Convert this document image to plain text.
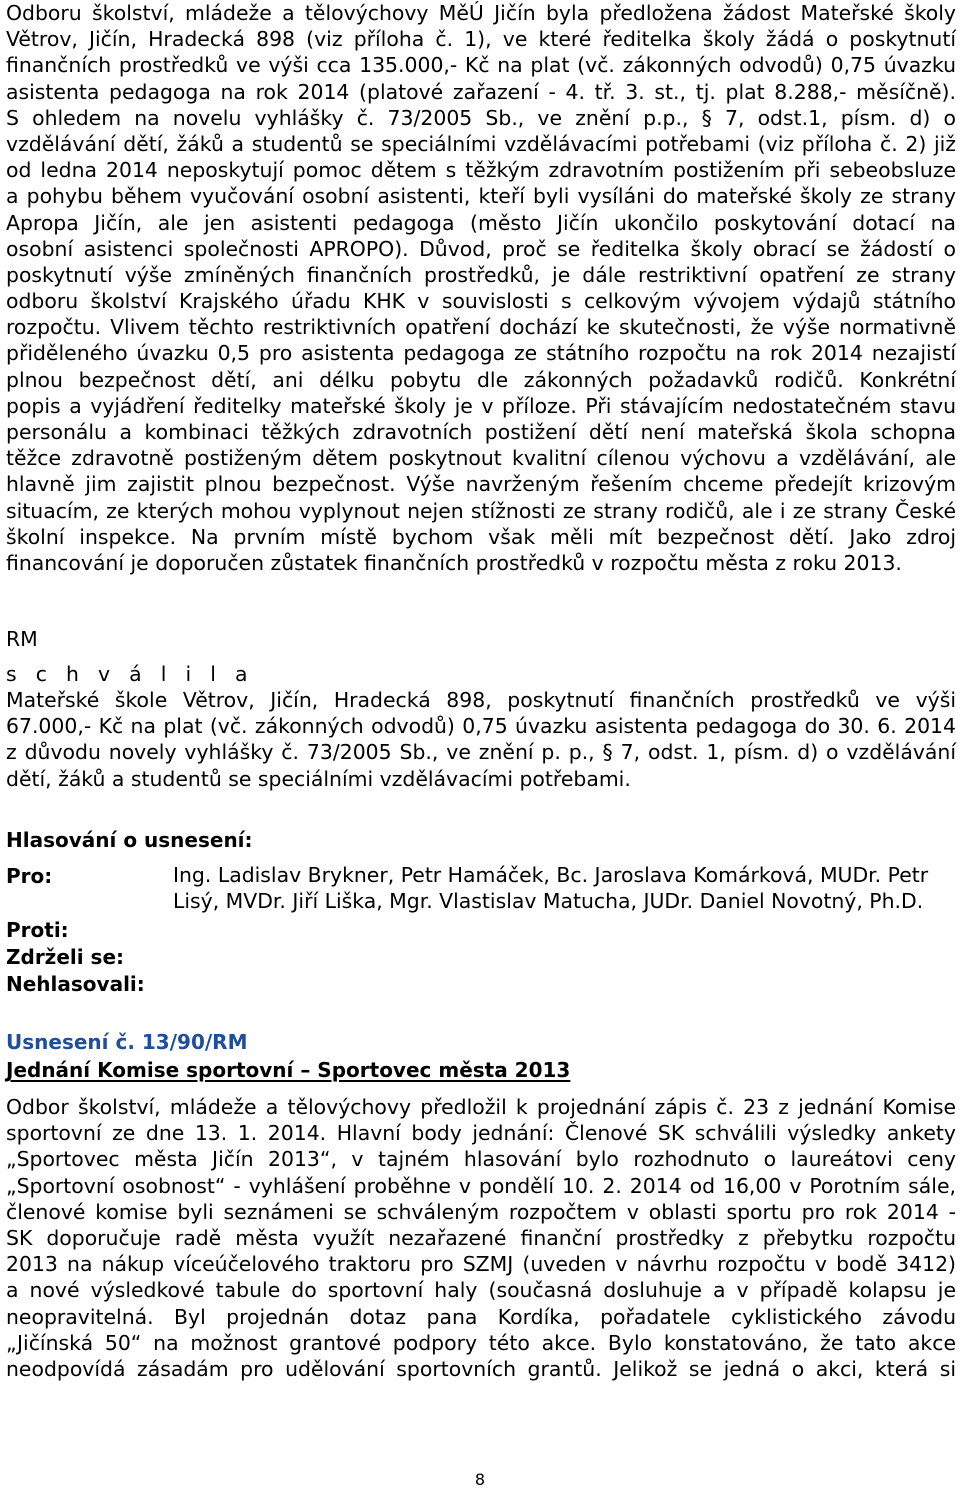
Odboru školství, mládeže a tělovýchovy MěÚ Jičín byla předložena žádost Mateřské školy
Větrov, Jičín, Hradecká 898 (viz příloha č. 1), ve které ředitelka školy žádá o poskytnutí
finančních prostředků ve výši cca 135.000,- Kč na plat (vč. zákonných odvodů) 0,75 úvazku
asistenta pedagoga na rok 2014 (platové zařazení - 4. tř. 3. st., tj. plat 8.288,- měsíčně).
S ohledem na novelu vyhlášky č. 73/2005 Sb., ve znění p.p., § 7, odst.1, písm. d) o
vzdělávání dětí, žáků a studentů se speciálními vzdělávacími potřebami (viz příloha č. 2) již
od ledna 2014 neposkytují pomoc dětem s těžkým zdravotním postižením při sebeobsluze
a pohybu během vyučování osobní asistenti, kteří byli vysíláni do mateřské školy ze strany
Apropa Jičín, ale jen asistenti pedagoga (město Jičín ukončilo poskytování dotací na
osobní asistenci společnosti APROPO). Důvod, proč se ředitelka školy obrací se žádostí o
poskytnutí výše zmíněných finančních prostředků, je dále restriktivní opatření ze strany
odboru školství Krajského úřadu KHK v souvislosti s celkovým vývojem výdajů státního
rozpočtu. Vlivem těchto restriktivních opatření dochází ke skutečnosti, že výše normativně
přiděleného úvazku 0,5 pro asistenta pedagoga ze státního rozpočtu na rok 2014 nezajistí
plnou bezpečnost dětí, ani délku pobytu dle zákonných požadavků rodičů. Konkrétní
popis a vyjádření ředitelky mateřské školy je v příloze. Při stávajícím nedostatečném stavu
personálu a kombinaci těžkých zdravotních postižení dětí není mateřská škola schopna
těžce zdravotně postiženým dětem poskytnout kvalitní cílenou výchovu a vzdělávání, ale
hlavně jim zajistit plnou bezpečnost. Výše navrženým řešením chceme předejít krizovým
situacím, ze kterých mohou vyplynout nejen stížnosti ze strany rodičů, ale i ze strany České
školní inspekce. Na prvním místě bychom však měli mít bezpečnost dětí. Jako zdroj
financování je doporučen zůstatek finančních prostředků v rozpočtu města z roku 2013.
RM
s c h v á l i l a
Mateřské škole Větrov, Jičín, Hradecká 898, poskytnutí finančních prostředků ve výši
67.000,- Kč na plat (vč. zákonných odvodů) 0,75 úvazku asistenta pedagoga do 30. 6. 2014
z důvodu novely vyhlášky č. 73/2005 Sb., ve znění p. p., § 7, odst. 1, písm. d) o vzdělávání
dětí, žáků a studentů se speciálními vzdělávacími potřebami.
Hlasování o usnesení:
Pro:	Ing. Ladislav Brykner, Petr Hamáček, Bc. Jaroslava Komárková, MUDr. Petr
Lisý, MVDr. Jiří Liška, Mgr. Vlastislav Matucha, JUDr. Daniel Novotný, Ph.D.
Proti:
Zdrželi se:
Nehlasovali:
Usnesení č. 13/90/RM
Jednání Komise sportovní – Sportovec města 2013
Odbor školství, mládeže a tělovýchovy předložil k projednání zápis č. 23 z jednání Komise
sportovní ze dne 13. 1. 2014. Hlavní body jednání: Členové SK schválili výsledky ankety
„Sportovec města Jičín 2013“, v tajném hlasování bylo rozhodnuto o laureátovi ceny
„Sportovní osobnost“ - vyhlášení proběhne v pondělí 10. 2. 2014 od 16,00 v Porotním sále,
členové komise byli seznámeni se schváleným rozpočtem v oblasti sportu pro rok 2014 -
SK doporučuje radě města využít nezařazené finanční prostředky z přebytku rozpočtu
2013 na nákup víceúčelového traktoru pro SZMJ (uveden v návrhu rozpočtu v bodě 3412)
a nové výsledkové tabule do sportovní haly (současná dosluhuje a v případě kolapsu je
neopravitelná. Byl projednán dotaz pana Kordíka, pořadatele cyklistického závodu
„Jičínská 50“ na možnost grantové podpory této akce. Bylo konstatováno, že tato akce
neodpovídá zásadám pro udělování sportovních grantů. Jelikož se jedná o akci, která si
8
